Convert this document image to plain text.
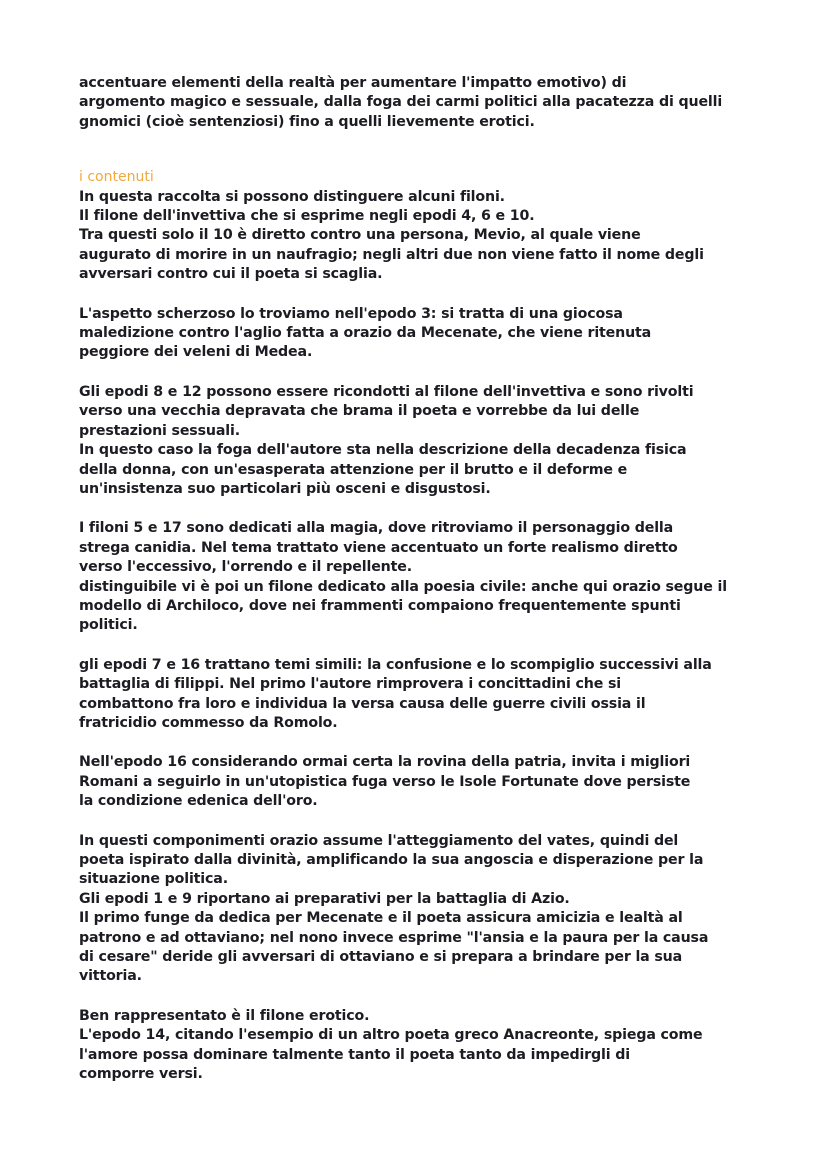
accentuare elementi della realtà per aumentare l'impatto emotivo) di
argomento magico e sessuale, dalla foga dei carmi politici alla pacatezza di quelli
gnomici (cioè sentenziosi) fino a quelli lievemente erotici.

i contenuti

In questa raccolta si possono distinguere alcuni filoni.
Il filone dell'invettiva che si esprime negli epodi 4, 6 e 10.
Tra questi solo il 10 è diretto contro una persona, Mevio, al quale viene
augurato di morire in un naufragio; negli altri due non viene fatto il nome degli
avversari contro cui il poeta si scaglia.

L'aspetto scherzoso lo troviamo nell'epodo 3: si tratta di una giocosa
maledizione contro l'aglio fatta a orazio da Mecenate, che viene ritenuta
peggiore dei veleni di Medea.

Gli epodi 8 e 12 possono essere ricondotti al filone dell'invettiva e sono rivolti
verso una vecchia depravata che brama il poeta e vorrebbe da lui delle
prestazioni sessuali.
In questo caso la foga dell'autore sta nella descrizione della decadenza fisica
della donna, con un'esasperata attenzione per il brutto e il deforme e
un'insistenza suo particolari più osceni e disgustosi.

I filoni 5 e 17 sono dedicati alla magia, dove ritroviamo il personaggio della
strega canidia. Nel tema trattato viene accentuato un forte realismo diretto
verso l'eccessivo, l'orrendo e il repellente.
distinguibile vi è poi un filone dedicato alla poesia civile: anche qui orazio segue il
modello di Archiloco, dove nei frammenti compaiono frequentemente spunti
politici.

gli epodi 7 e 16 trattano temi simili: la confusione e lo scompiglio successivi alla
battaglia di filippi. Nel primo l'autore rimprovera i concittadini che si
combattono fra loro e individua la versa causa delle guerre civili ossia il
fratricidio commesso da Romolo.

Nell'epodo 16 considerando ormai certa la rovina della patria, invita i migliori
Romani a seguirlo in un'utopistica fuga verso le Isole Fortunate dove persiste
la condizione edenica dell'oro.

In questi componimenti orazio assume l'atteggiamento del vates, quindi del
poeta ispirato dalla divinità, amplificando la sua angoscia e disperazione per la
situazione politica.
Gli epodi 1 e 9 riportano ai preparativi per la battaglia di Azio.
Il primo funge da dedica per Mecenate e il poeta assicura amicizia e lealtà al
patrono e ad ottaviano; nel nono invece esprime "l'ansia e la paura per la causa
di cesare" deride gli avversari di ottaviano e si prepara a brindare per la sua
vittoria.

Ben rappresentato è il filone erotico.
L'epodo 14, citando l'esempio di un altro poeta greco Anacreonte, spiega come
l'amore possa dominare talmente tanto il poeta tanto da impedirgli di
comporre versi.
